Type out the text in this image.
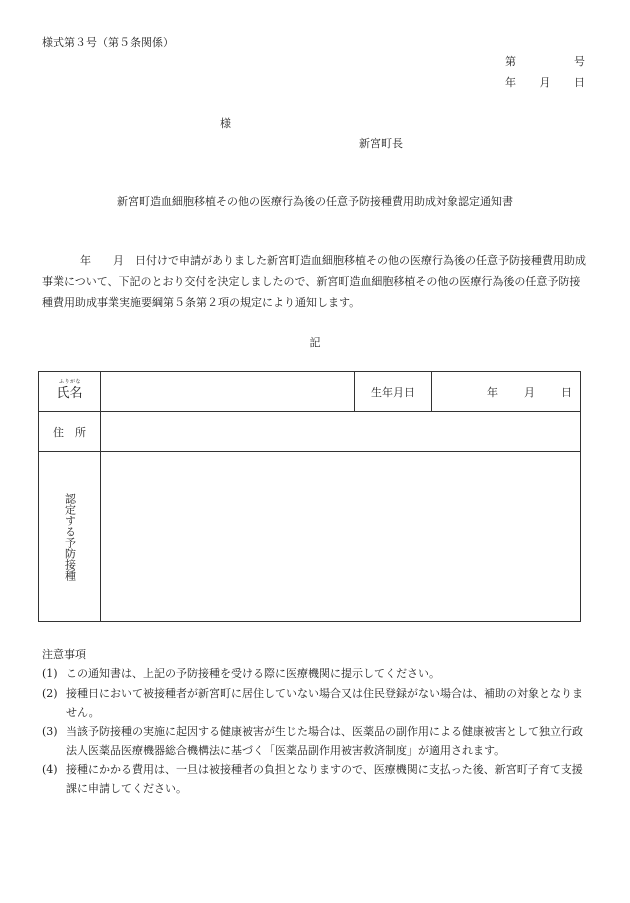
様式第３号（第５条関係）
第	号
年 月 日
様
新宮町長
新宮町造血細胞移植その他の医療行為後の任意予防接種費用助成対象認定通知書
年　　月　日付けで申請がありました新宮町造血細胞移植その他の医療行為後の任意予防接種費用助成事業について、下記のとおり交付を決定しましたので、新宮町造血細胞移植その他の医療行為後の任意予防接種費用助成事業実施要綱第５条第２項の規定により通知します。
記
ふりがな
氏名		生年月日	年 月 日

住　所			

認定する予防接種			

注意事項
(1) この通知書は、上記の予防接種を受ける際に医療機関に提示してください。
(2) 接種日において被接種者が新宮町に居住していない場合又は住民登録がない場合は、補助の対象となりません。
(3) 当該予防接種の実施に起因する健康被害が生じた場合は、医薬品の副作用による健康被害として独立行政法人医薬品医療機器総合機構法に基づく「医薬品副作用被害救済制度」が適用されます。
(4) 接種にかかる費用は、一旦は被接種者の負担となりますので、医療機関に支払った後、新宮町子育て支援課に申請してください。
